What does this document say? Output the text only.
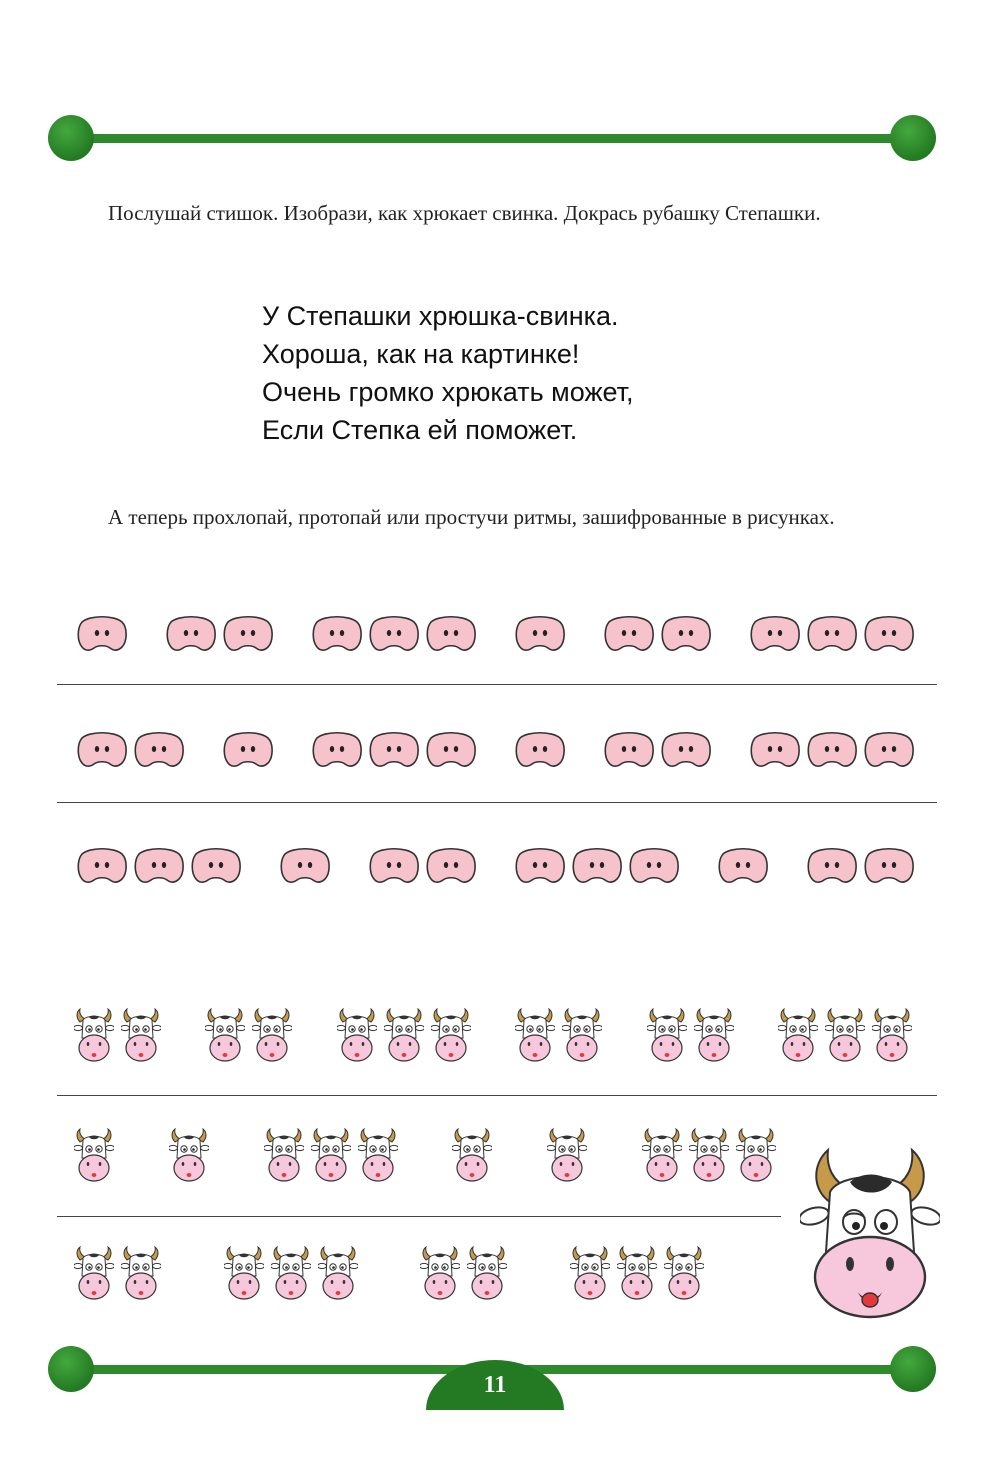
Послушай стишок. Изобрази, как хрюкает свинка. Докрась рубашку Степашки.

У Степашки хрюшка-свинка.
Хороша, как на картинке!
Очень громко хрюкать может,
Если Степка ей поможет.

А теперь прохлопай, протопай или простучи ритмы, зашифрованные в рисунках.

11
